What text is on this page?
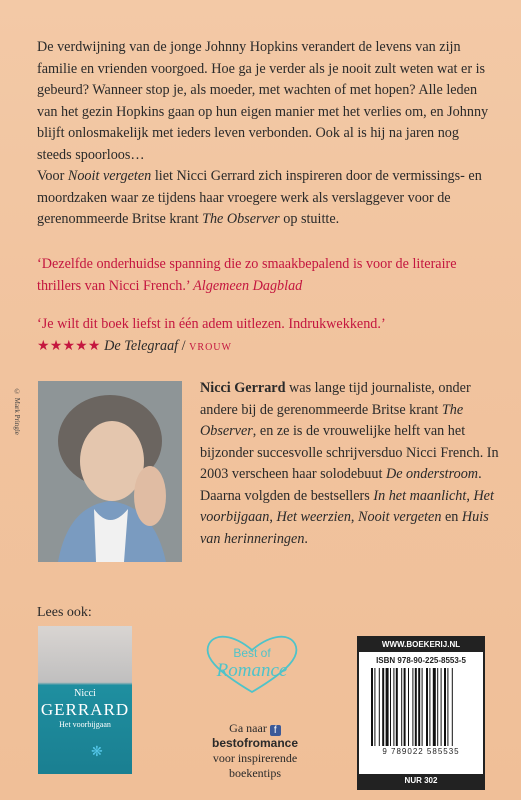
De verdwijning van de jonge Johnny Hopkins verandert de levens van zijn familie en vrienden voorgoed. Hoe ga je verder als je nooit zult weten wat er is gebeurd? Wanneer stop je, als moeder, met wachten of met hopen? Alle leden van het gezin Hopkins gaan op hun eigen manier met het verlies om, en Johnny blijft onlosmakelijk met ieders leven verbonden. Ook al is hij na jaren nog steeds spoorloos…

Voor Nooit vergeten liet Nicci Gerrard zich inspireren door de vermissings- en moordzaken waar ze tijdens haar vroegere werk als verslaggever voor de gerenommeerde Britse krant The Observer op stuitte.

‘Dezelfde onderhuidse spanning die zo smaakbepalend is voor de literaire thrillers van Nicci French.’ Algemeen Dagblad
‘Je wilt dit boek liefst in één adem uitlezen. Indrukwekkend.’
★★★★★ De Telegraaf / VROUW
© Mark Pringle	Nicci Gerrard was lange tijd journaliste, onder andere bij de gerenommeerde Britse krant The Observer, en ze is de vrouwelijke helft van het bijzonder succesvolle schrijversduo Nicci French. In 2003 verscheen haar solodebuut De onderstroom. Daarna volgden de bestsellers In het maanlicht, Het voorbijgaan, Het weerzien, Nooit vergeten en Huis van herinneringen.
Lees ook:
Nicci
GERRARD
Het voorbijgaan
❋
Best of
Romance
Ga naar f bestofromance
voor inspirerende boekentips
WWW.BOEKERIJ.NL
ISBN 978-90-225-8553-5
9 789022 585535
NUR 302
